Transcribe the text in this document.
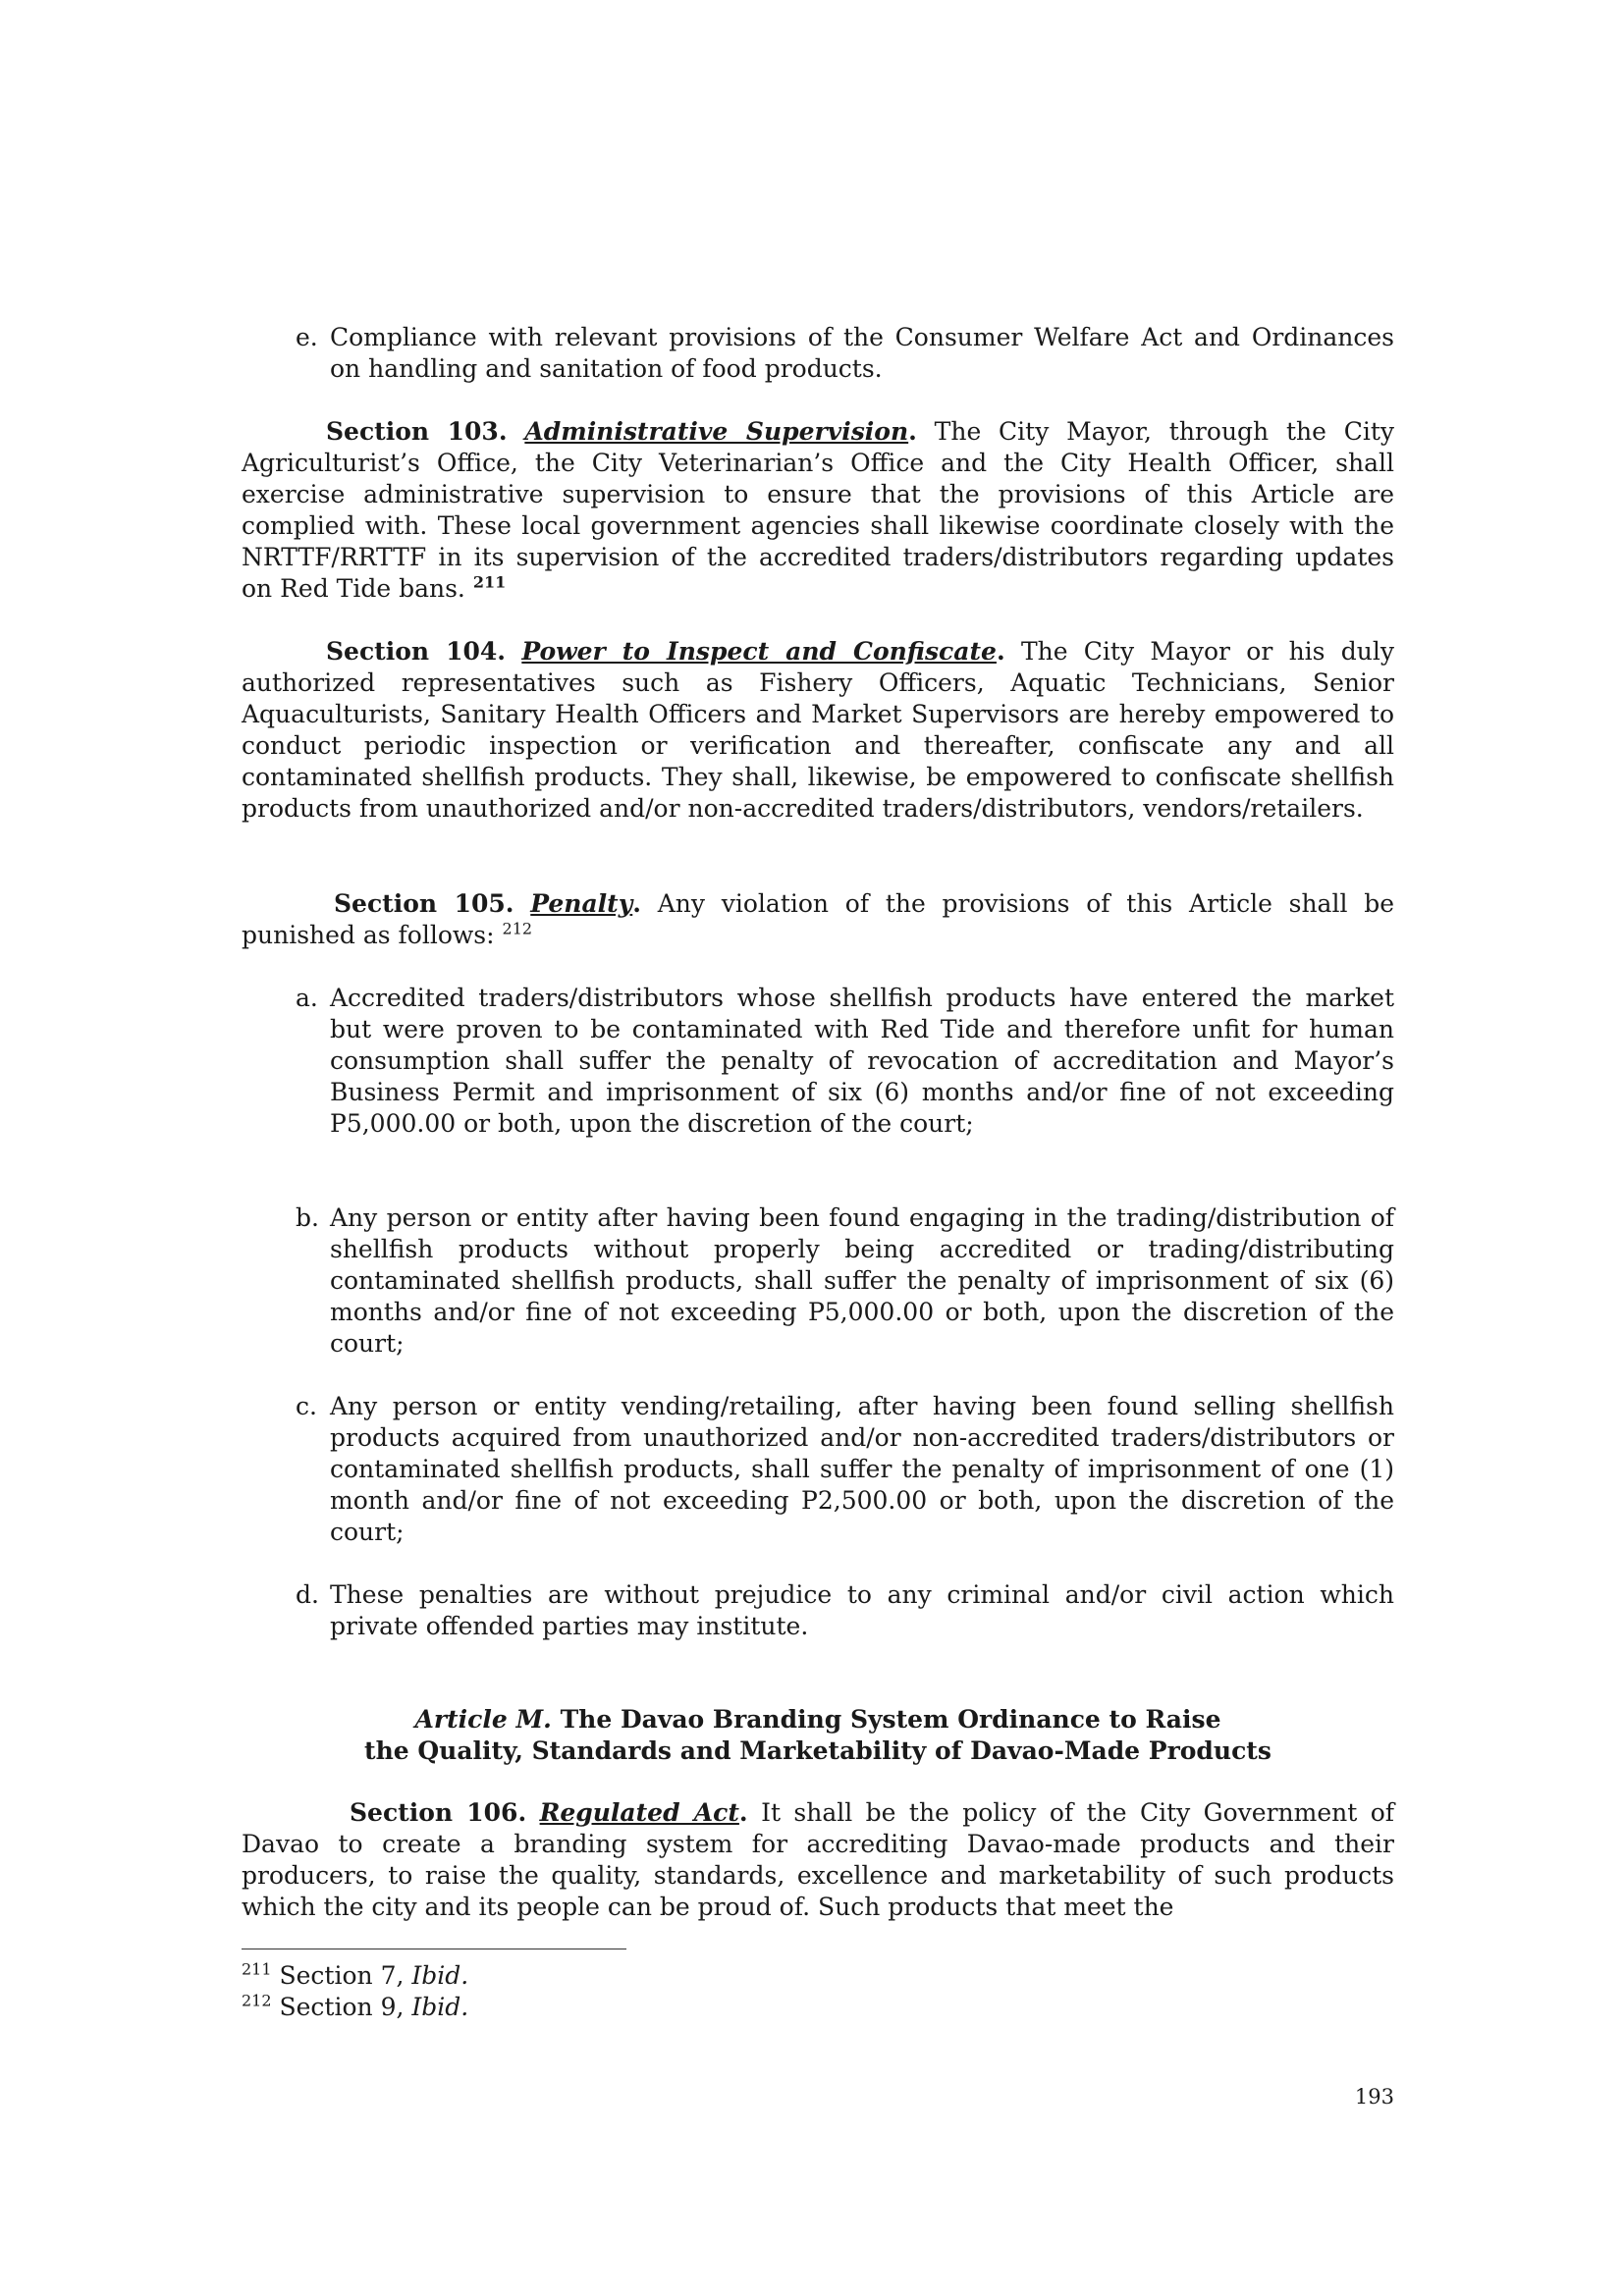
e. Compliance with relevant provisions of the Consumer Welfare Act and Ordinances on handling and sanitation of food products.
Section 103. Administrative Supervision. The City Mayor, through the City Agriculturist’s Office, the City Veterinarian’s Office and the City Health Officer, shall exercise administrative supervision to ensure that the provisions of this Article are complied with. These local government agencies shall likewise coordinate closely with the NRTTF/RRTTF in its supervision of the accredited traders/distributors regarding updates on Red Tide bans. $^{211}$
Section 104. Power to Inspect and Confiscate. The City Mayor or his duly authorized representatives such as Fishery Officers, Aquatic Technicians, Senior Aquaculturists, Sanitary Health Officers and Market Supervisors are hereby empowered to conduct periodic inspection or verification and thereafter, confiscate any and all contaminated shellfish products. They shall, likewise, be empowered to confiscate shellfish products from unauthorized and/or non-accredited traders/distributors, vendors/retailers.
Section 105. Penalty. Any violation of the provisions of this Article shall be punished as follows: $^{212}$
a. Accredited traders/distributors whose shellfish products have entered the market but were proven to be contaminated with Red Tide and therefore unfit for human consumption shall suffer the penalty of revocation of accreditation and Mayor’s Business Permit and imprisonment of six (6) months and/or fine of not exceeding P5,000.00 or both, upon the discretion of the court;
b. Any person or entity after having been found engaging in the trading/distribution of shellfish products without properly being accredited or trading/distributing contaminated shellfish products, shall suffer the penalty of imprisonment of six (6) months and/or fine of not exceeding P5,000.00 or both, upon the discretion of the court;
c. Any person or entity vending/retailing, after having been found selling shellfish products acquired from unauthorized and/or non-accredited traders/distributors or contaminated shellfish products, shall suffer the penalty of imprisonment of one (1) month and/or fine of not exceeding P2,500.00 or both, upon the discretion of the court;
d. These penalties are without prejudice to any criminal and/or civil action which private offended parties may institute.
Article M. The Davao Branding System Ordinance to Raise
the Quality, Standards and Marketability of Davao-Made Products
Section 106. Regulated Act. It shall be the policy of the City Government of Davao to create a branding system for accrediting Davao-made products and their producers, to raise the quality, standards, excellence and marketability of such products which the city and its people can be proud of. Such products that meet the
$^{211}$ Section 7, Ibid.
$^{212}$ Section 9, Ibid.
193
